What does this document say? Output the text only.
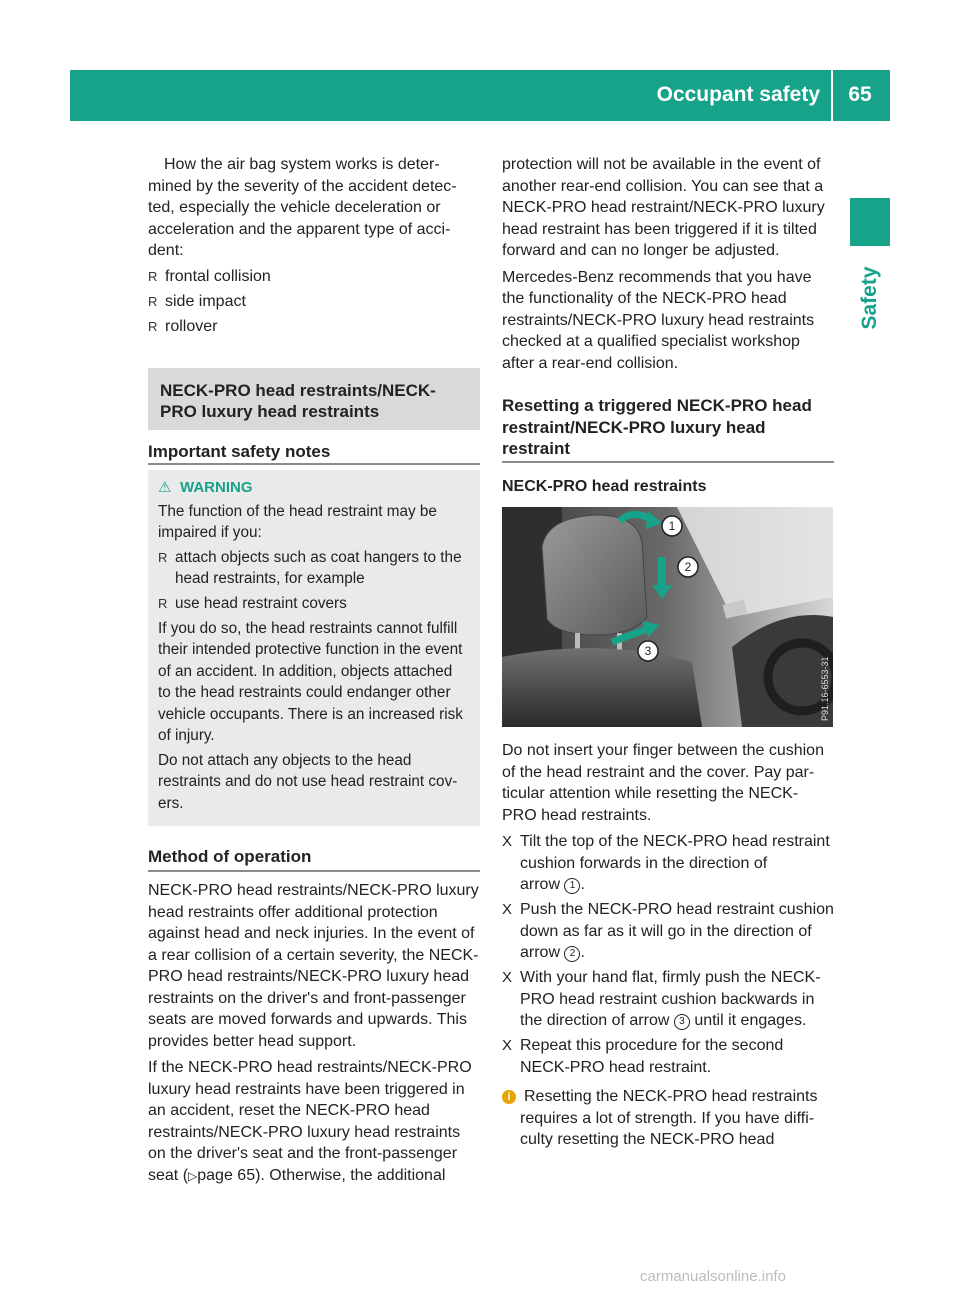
Occupant safety	65
Safety
How the air bag system works is deter-
mined by the severity of the accident detec-
ted, especially the vehicle deceleration or
acceleration and the apparent type of acci-
dent:
R frontal collision
R side impact
R rollover
NECK-PRO head restraints/NECK-
PRO luxury head restraints
Important safety notes
⚠ WARNING
The function of the head restraint may be
impaired if you:
R attach objects such as coat hangers to the
head restraints, for example
R use head restraint covers
If you do so, the head restraints cannot fulfill
their intended protective function in the event
of an accident. In addition, objects attached
to the head restraints could endanger other
vehicle occupants. There is an increased risk
of injury.
Do not attach any objects to the head
restraints and do not use head restraint cov-
ers.
Method of operation
NECK-PRO head restraints/NECK-PRO luxury
head restraints offer additional protection
against head and neck injuries. In the event of
a rear collision of a certain severity, the NECK-
PRO head restraints/NECK-PRO luxury head
restraints on the driver's and front-passenger
seats are moved forwards and upwards. This
provides better head support.
If the NECK-PRO head restraints/NECK-PRO
luxury head restraints have been triggered in
an accident, reset the NECK-PRO head
restraints/NECK-PRO luxury head restraints
on the driver's seat and the front-passenger
seat (▷page 65). Otherwise, the additional
protection will not be available in the event of
another rear-end collision. You can see that a
NECK-PRO head restraint/NECK-PRO luxury
head restraint has been triggered if it is tilted
forward and can no longer be adjusted.
Mercedes-Benz recommends that you have
the functionality of the NECK-PRO head
restraints/NECK-PRO luxury head restraints
checked at a qualified specialist workshop
after a rear-end collision.
Resetting a triggered NECK-PRO head
restraint/NECK-PRO luxury head
restraint
NECK-PRO head restraints
1
2
3
P91.16-6553-31
Do not insert your finger between the cushion
of the head restraint and the cover. Pay par-
ticular attention while resetting the NECK-
PRO head restraints.
X Tilt the top of the NECK-PRO head restraint
cushion forwards in the direction of
arrow 1 .
X Push the NECK-PRO head restraint cushion
down as far as it will go in the direction of
arrow 2 .
X With your hand flat, firmly push the NECK-
PRO head restraint cushion backwards in
the direction of arrow 3 until it engages.
X Repeat this procedure for the second
NECK-PRO head restraint.
i Resetting the NECK-PRO head restraints
requires a lot of strength. If you have diffi-
culty resetting the NECK-PRO head
carmanualsonline.info
